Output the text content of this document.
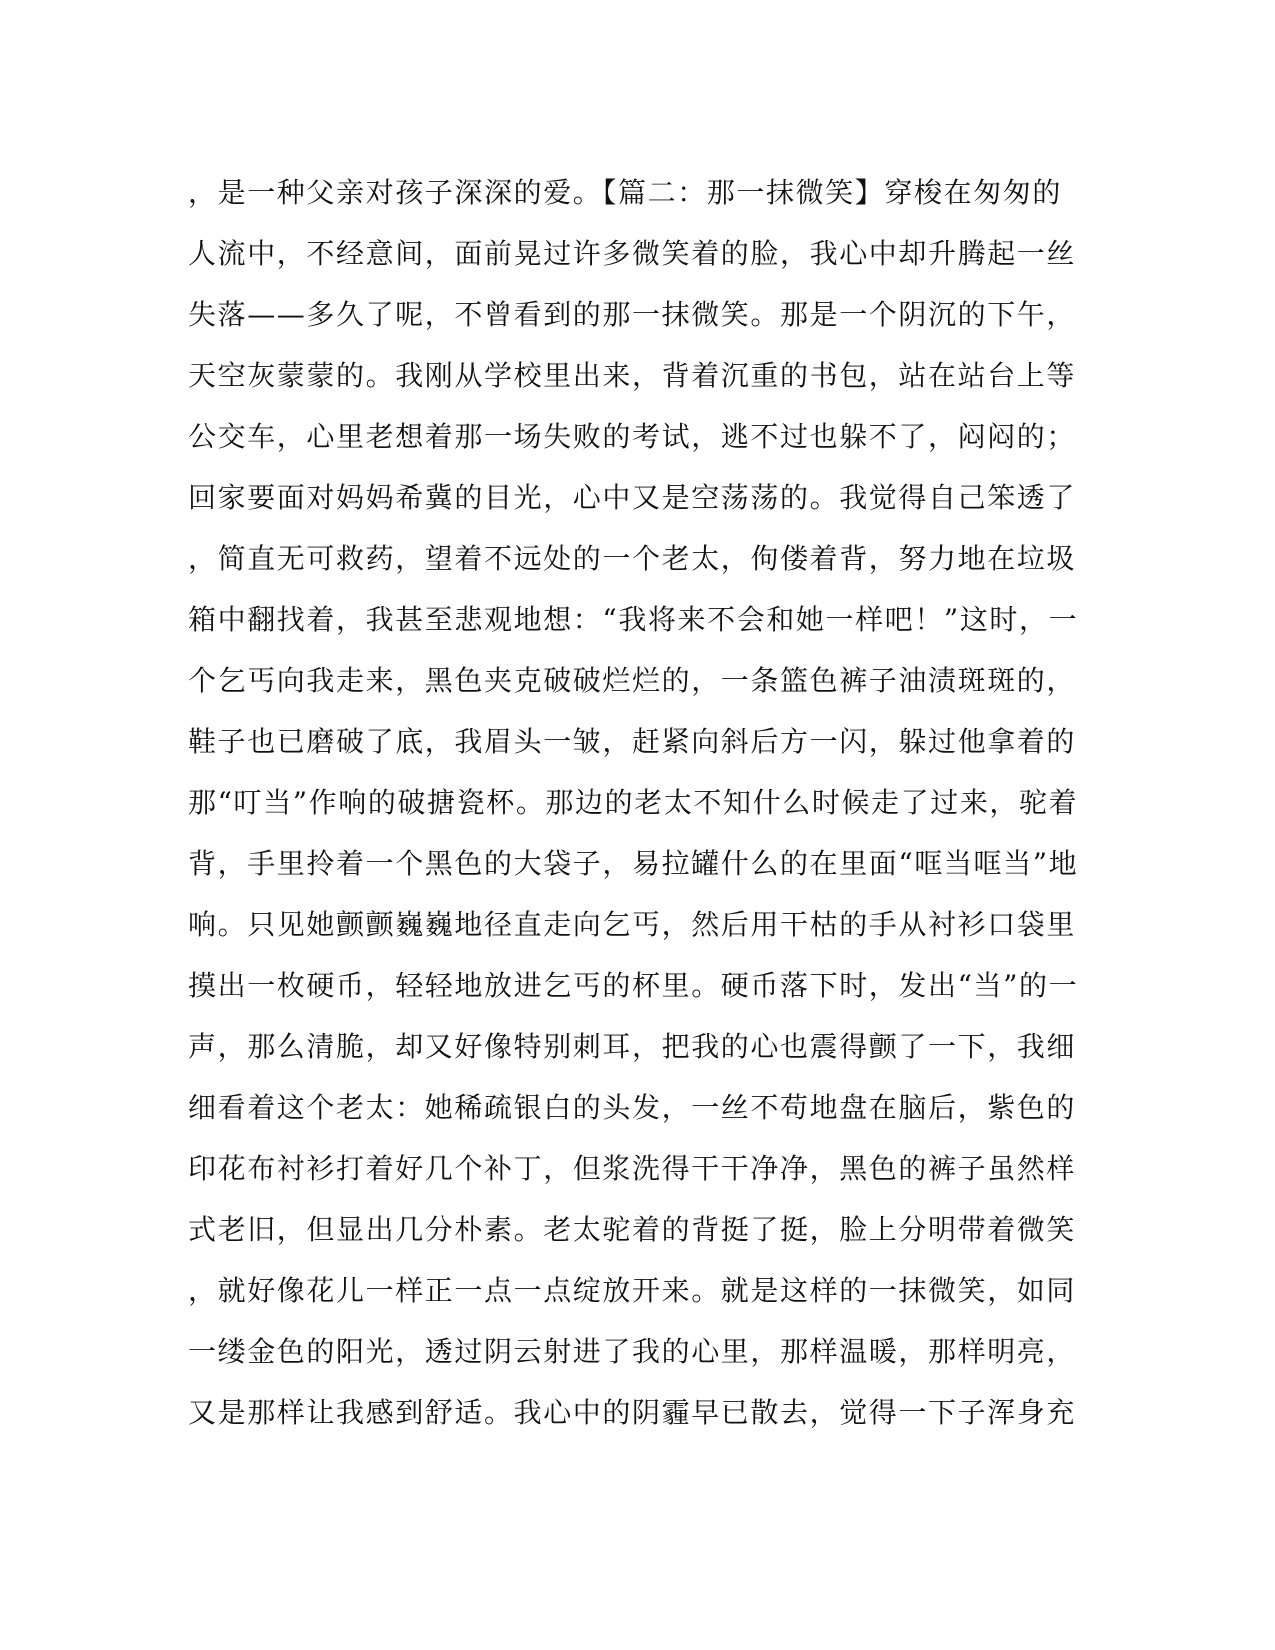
，是一种父亲对孩子深深的爱。【篇二：那一抹微笑】穿梭在匆匆的
人流中，不经意间，面前晃过许多微笑着的脸，我心中却升腾起一丝
失落——多久了呢，不曾看到的那一抹微笑。那是一个阴沉的下午，
天空灰蒙蒙的。我刚从学校里出来，背着沉重的书包，站在站台上等
公交车，心里老想着那一场失败的考试，逃不过也躲不了，闷闷的；
回家要面对妈妈希冀的目光，心中又是空荡荡的。我觉得自己笨透了
，简直无可救药，望着不远处的一个老太，佝偻着背，努力地在垃圾
箱中翻找着，我甚至悲观地想：“我将来不会和她一样吧！”这时，一
个乞丐向我走来，黑色夹克破破烂烂的，一条篮色裤子油渍斑斑的，
鞋子也已磨破了底，我眉头一皱，赶紧向斜后方一闪，躲过他拿着的
那“叮当”作响的破搪瓷杯。那边的老太不知什么时候走了过来，驼着
背，手里拎着一个黑色的大袋子，易拉罐什么的在里面“哐当哐当”地
响。只见她颤颤巍巍地径直走向乞丐，然后用干枯的手从衬衫口袋里
摸出一枚硬币，轻轻地放进乞丐的杯里。硬币落下时，发出“当”的一
声，那么清脆，却又好像特别刺耳，把我的心也震得颤了一下，我细
细看着这个老太：她稀疏银白的头发，一丝不苟地盘在脑后，紫色的
印花布衬衫打着好几个补丁，但浆洗得干干净净，黑色的裤子虽然样
式老旧，但显出几分朴素。老太驼着的背挺了挺，脸上分明带着微笑
，就好像花儿一样正一点一点绽放开来。就是这样的一抹微笑，如同
一缕金色的阳光，透过阴云射进了我的心里，那样温暖，那样明亮，
又是那样让我感到舒适。我心中的阴霾早已散去，觉得一下子浑身充
